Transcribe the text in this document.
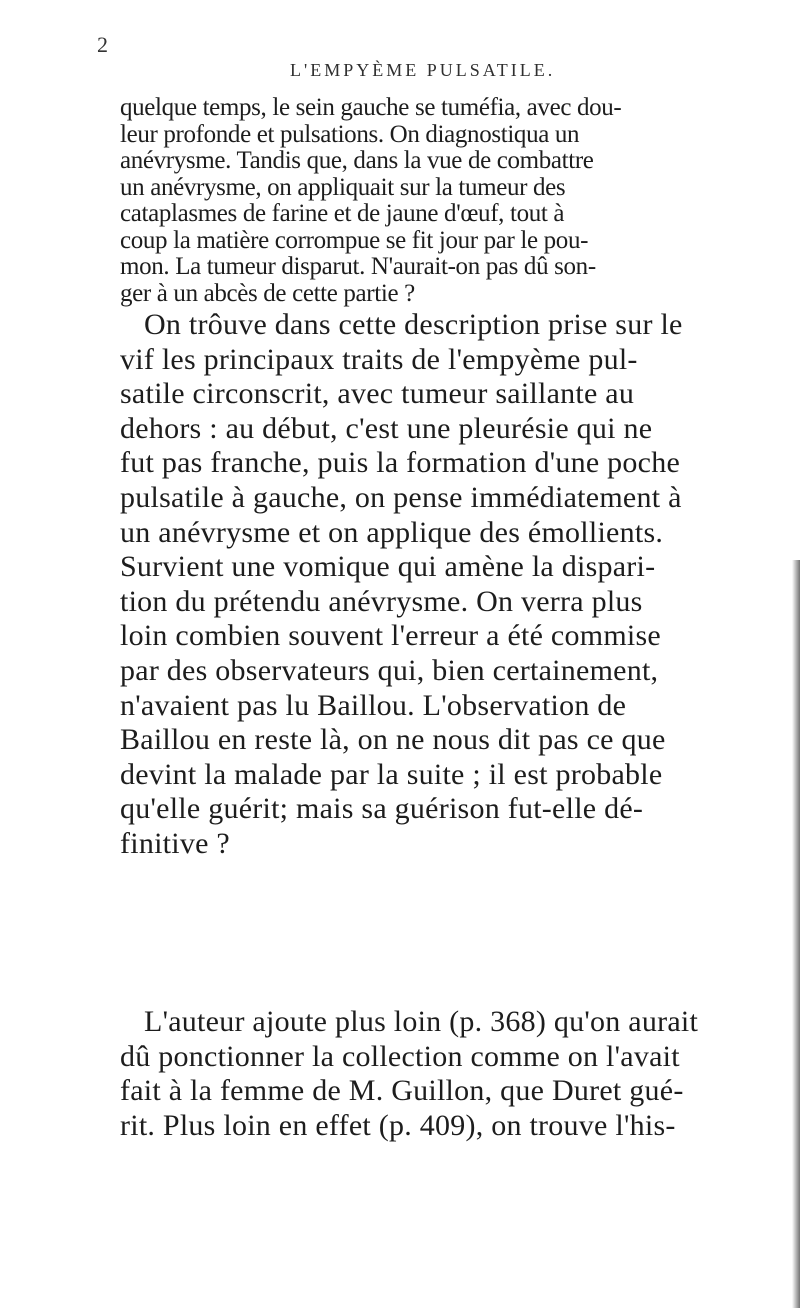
2
L'EMPYÈME PULSATILE.
quelque temps, le sein gauche se tuméfia, avec dou-
leur profonde et pulsations. On diagnostiqua un
anévrysme. Tandis que, dans la vue de combattre
un anévrysme, on appliquait sur la tumeur des
cataplasmes de farine et de jaune d'œuf, tout à
coup la matière corrompue se fit jour par le pou-
mon. La tumeur disparut. N'aurait-on pas dû son-
ger à un abcès de cette partie ?
On trôuve dans cette description prise sur le
vif les principaux traits de l'empyème pul-
satile circonscrit, avec tumeur saillante au
dehors : au début, c'est une pleurésie qui ne
fut pas franche, puis la formation d'une poche
pulsatile à gauche, on pense immédiatement à
un anévrysme et on applique des émollients.
Survient une vomique qui amène la dispari-
tion du prétendu anévrysme. On verra plus
loin combien souvent l'erreur a été commise
par des observateurs qui, bien certainement,
n'avaient pas lu Baillou. L'observation de
Baillou en reste là, on ne nous dit pas ce que
devint la malade par la suite ; il est probable
qu'elle guérit; mais sa guérison fut-elle dé-
finitive ?
L'auteur ajoute plus loin (p. 368) qu'on aurait
dû ponctionner la collection comme on l'avait
fait à la femme de M. Guillon, que Duret gué-
rit. Plus loin en effet (p. 409), on trouve l'his-
